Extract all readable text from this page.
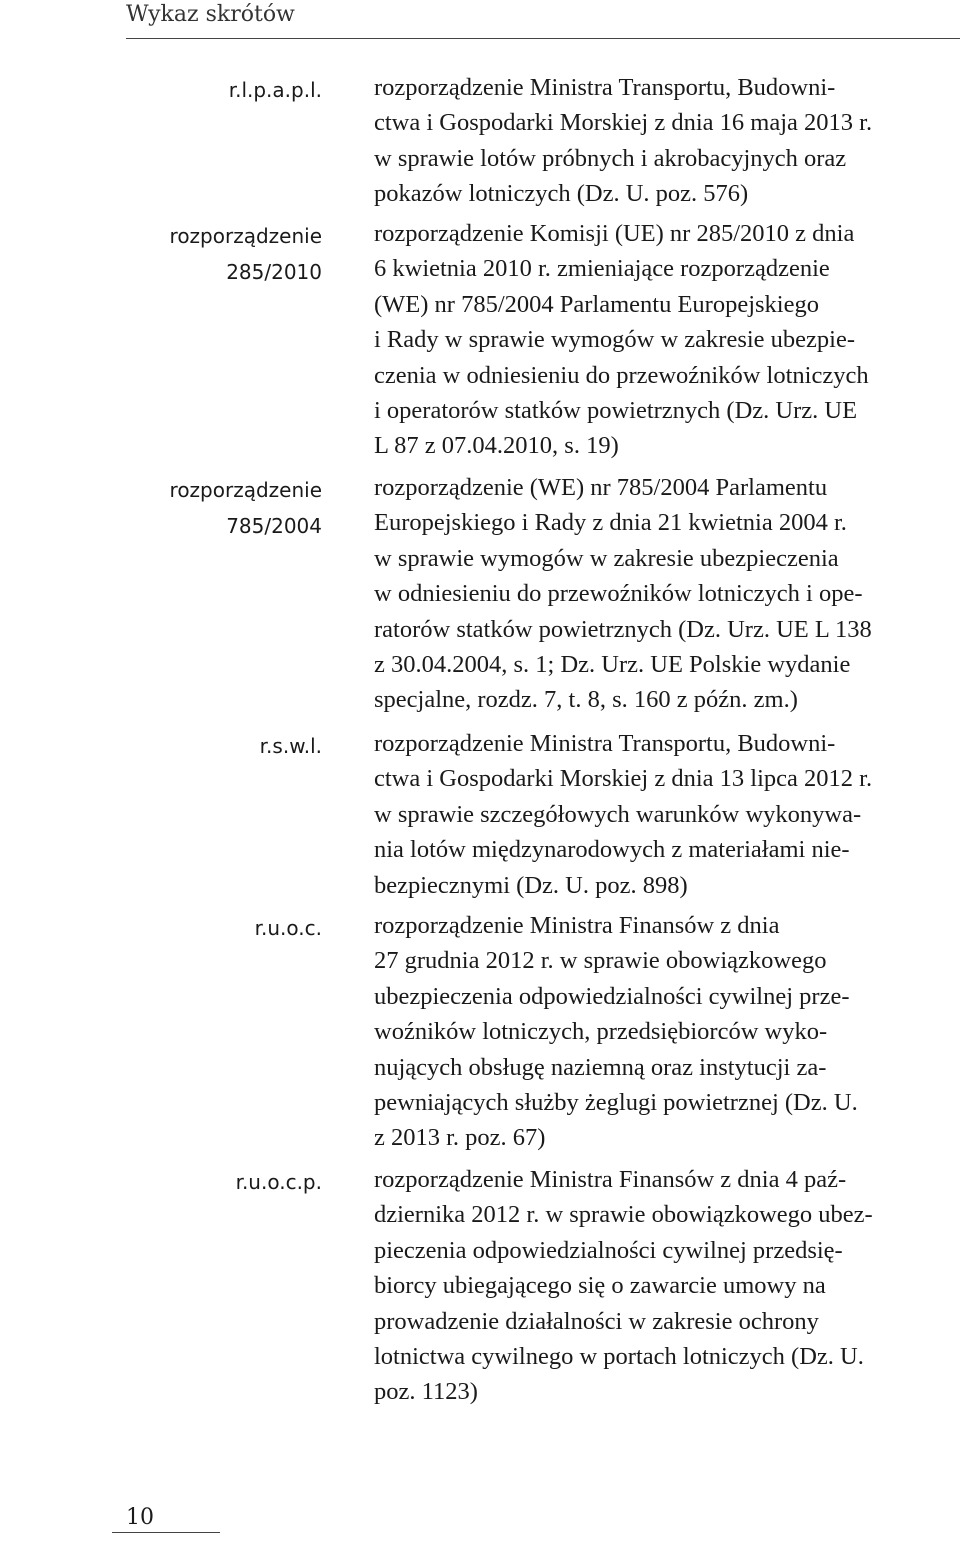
Wykaz skrótów
r.l.p.a.p.l. rozporządzenie Ministra Transportu, Budowni-
ctwa i Gospodarki Morskiej z dnia 16 maja 2013 r.
w sprawie lotów próbnych i akrobacyjnych oraz
pokazów lotniczych (Dz. U. poz. 576)
rozporządzenie
285/2010
rozporządzenie Komisji (UE) nr 285/2010 z dnia
6 kwietnia 2010 r. zmieniające rozporządzenie
(WE) nr 785/2004 Parlamentu Europejskiego
i Rady w sprawie wymogów w zakresie ubezpie-
czenia w odniesieniu do przewoźników lotniczych
i operatorów statków powietrznych (Dz. Urz. UE
L 87 z 07.04.2010, s. 19)
rozporządzenie
785/2004
rozporządzenie (WE) nr 785/2004 Parlamentu
Europejskiego i Rady z dnia 21 kwietnia 2004 r.
w sprawie wymogów w zakresie ubezpieczenia
w odniesieniu do przewoźników lotniczych i ope-
ratorów statków powietrznych (Dz. Urz. UE L 138
z 30.04.2004, s. 1; Dz. Urz. UE Polskie wydanie
specjalne, rozdz. 7, t. 8, s. 160 z późn. zm.)
r.s.w.l. rozporządzenie Ministra Transportu, Budowni-
ctwa i Gospodarki Morskiej z dnia 13 lipca 2012 r.
w sprawie szczegółowych warunków wykonywa-
nia lotów międzynarodowych z materiałami nie-
bezpiecznymi (Dz. U. poz. 898)
r.u.o.c. rozporządzenie Ministra Finansów z dnia
27 grudnia 2012 r. w sprawie obowiązkowego
ubezpieczenia odpowiedzialności cywilnej prze-
woźników lotniczych, przedsiębiorców wyko-
nujących obsługę naziemną oraz instytucji za-
pewniających służby żeglugi powietrznej (Dz. U.
z 2013 r. poz. 67)
r.u.o.c.p. rozporządzenie Ministra Finansów z dnia 4 paź-
dziernika 2012 r. w sprawie obowiązkowego ubez-
pieczenia odpowiedzialności cywilnej przedsię-
biorcy ubiegającego się o zawarcie umowy na
prowadzenie działalności w zakresie ochrony
lotnictwa cywilnego w portach lotniczych (Dz. U.
poz. 1123)
10
